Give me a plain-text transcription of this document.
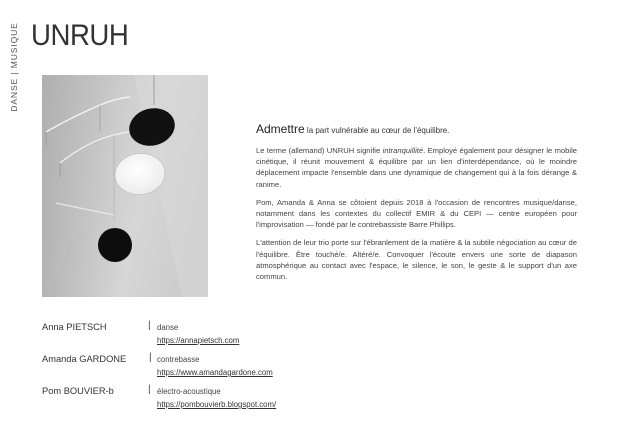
DANSE | MUSIQUE UNRUH
Admettre la part vulnérable au cœur de l'équilibre.

Le terme (allemand) UNRUH signifie intranquillité. Employé également pour désigner le mobile cinétique, il réunit mouvement & équilibre par un lien d'interdépendance, où le moindre déplacement impacte l'ensemble dans une dynamique de changement qui à la fois dérange & ranime.

Pom, Amanda & Anna se côtoient depuis 2018 à l'occasion de rencontres musique/danse, notamment dans les contextes du collectif EMIR & du CEPI — centre européen pour l'improvisation — fondé par le contrebassiste Barre Phillips.

L'attention de leur trio porte sur l'ébranlement de la matière & la subtile négociation au cœur de l'équilibre. Être touché/e. Altéré/e. Convoquer l'écoute envers une sorte de diapason atmosphérique au contact avec l'espace, le silence, le son, le geste & le support d'un axe commun.

Anna PIETSCH	| danse
https://annapietsch.com
Amanda GARDONE | contrebasse
https://www.amandagardone.com
Pom BOUVIER-b	| électro-acoustique
https://pombouvierb.blogspot.com/
